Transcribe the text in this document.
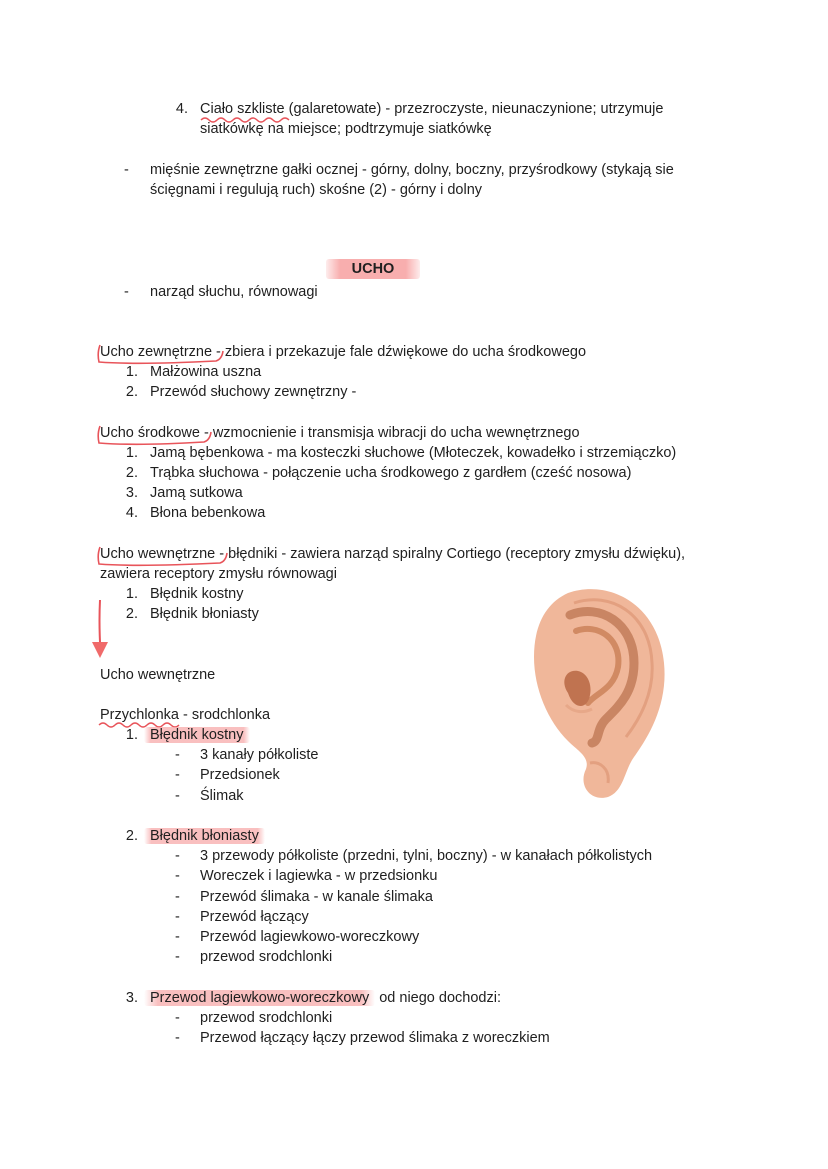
4. Ciało szkliste (galaretowate) - przezroczyste, nieunaczynione; utrzymuje
siatkówkę na miejsce; podtrzymuje siatkówkę
- mięśnie zewnętrzne gałki ocznej - górny, dolny, boczny, przyśrodkowy (stykają sie
ścięgnami i regulują ruch) skośne (2) - górny i dolny
UCHO
- narząd słuchu, równowagi
Ucho zewnętrzne - zbiera i przekazuje fale dźwiękowe do ucha środkowego
1. Małżowina uszna
2. Przewód słuchowy zewnętrzny -
Ucho środkowe - wzmocnienie i transmisja wibracji do ucha wewnętrznego
1. Jamą bębenkowa - ma kosteczki słuchowe (Młoteczek, kowadełko i strzemiączko)
2. Trąbka słuchowa - połączenie ucha środkowego z gardłem (cześć nosowa)
3. Jamą sutkowa
4. Błona bebenkowa
Ucho wewnętrzne - błędniki - zawiera narząd spiralny Cortiego (receptory zmysłu dźwięku),
zawiera receptory zmysłu równowagi
1. Błędnik kostny
2. Błędnik błoniasty
Ucho wewnętrzne
Przychlonka - srodchlonka
1. Błędnik kostny
- 3 kanały półkoliste
- Przedsionek
- Ślimak
2. Błędnik błoniasty
- 3 przewody półkoliste (przedni, tylni, boczny) - w kanałach półkolistych
- Woreczek i lagiewka - w przedsionku
- Przewód ślimaka - w kanale ślimaka
- Przewód łączący
- Przewód lagiewkowo-woreczkowy
- przewod srodchlonki
3. Przewod lagiewkowo-woreczkowy od niego dochodzi:
- przewod srodchlonki
- Przewod łączący łączy przewod ślimaka z woreczkiem
